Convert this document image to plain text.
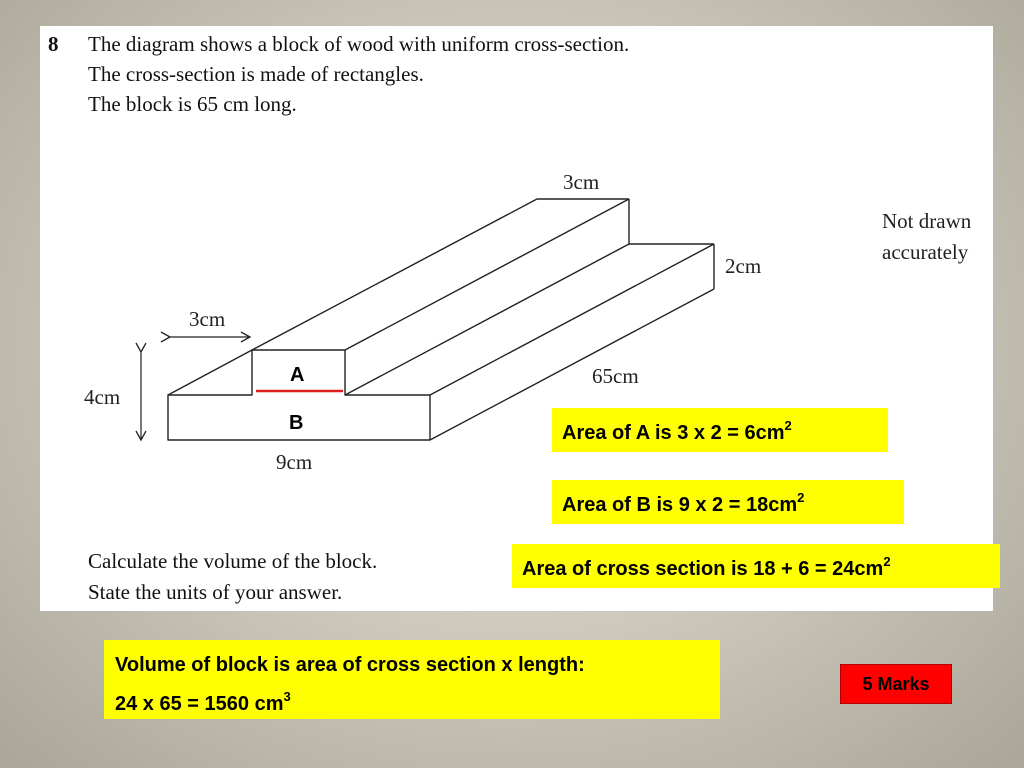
8 The diagram shows a block of wood with uniform cross-section.
The cross-section is made of rectangles.
The block is 65 cm long.
3cm
2cm
3cm
4cm
65cm
9cm
Not drawn
accurately
A
B
Calculate the volume of the block.
State the units of your answer.
Area of A is 3 x $2 = 6cm^2$
Area of B is 9 x $2 = 18cm^2$
Area of cross section is $18 + 6 = 24cm^2$
Volume of block is area of cross section x length:
24 x 65 = 1560 $cm^3$
5 Marks
